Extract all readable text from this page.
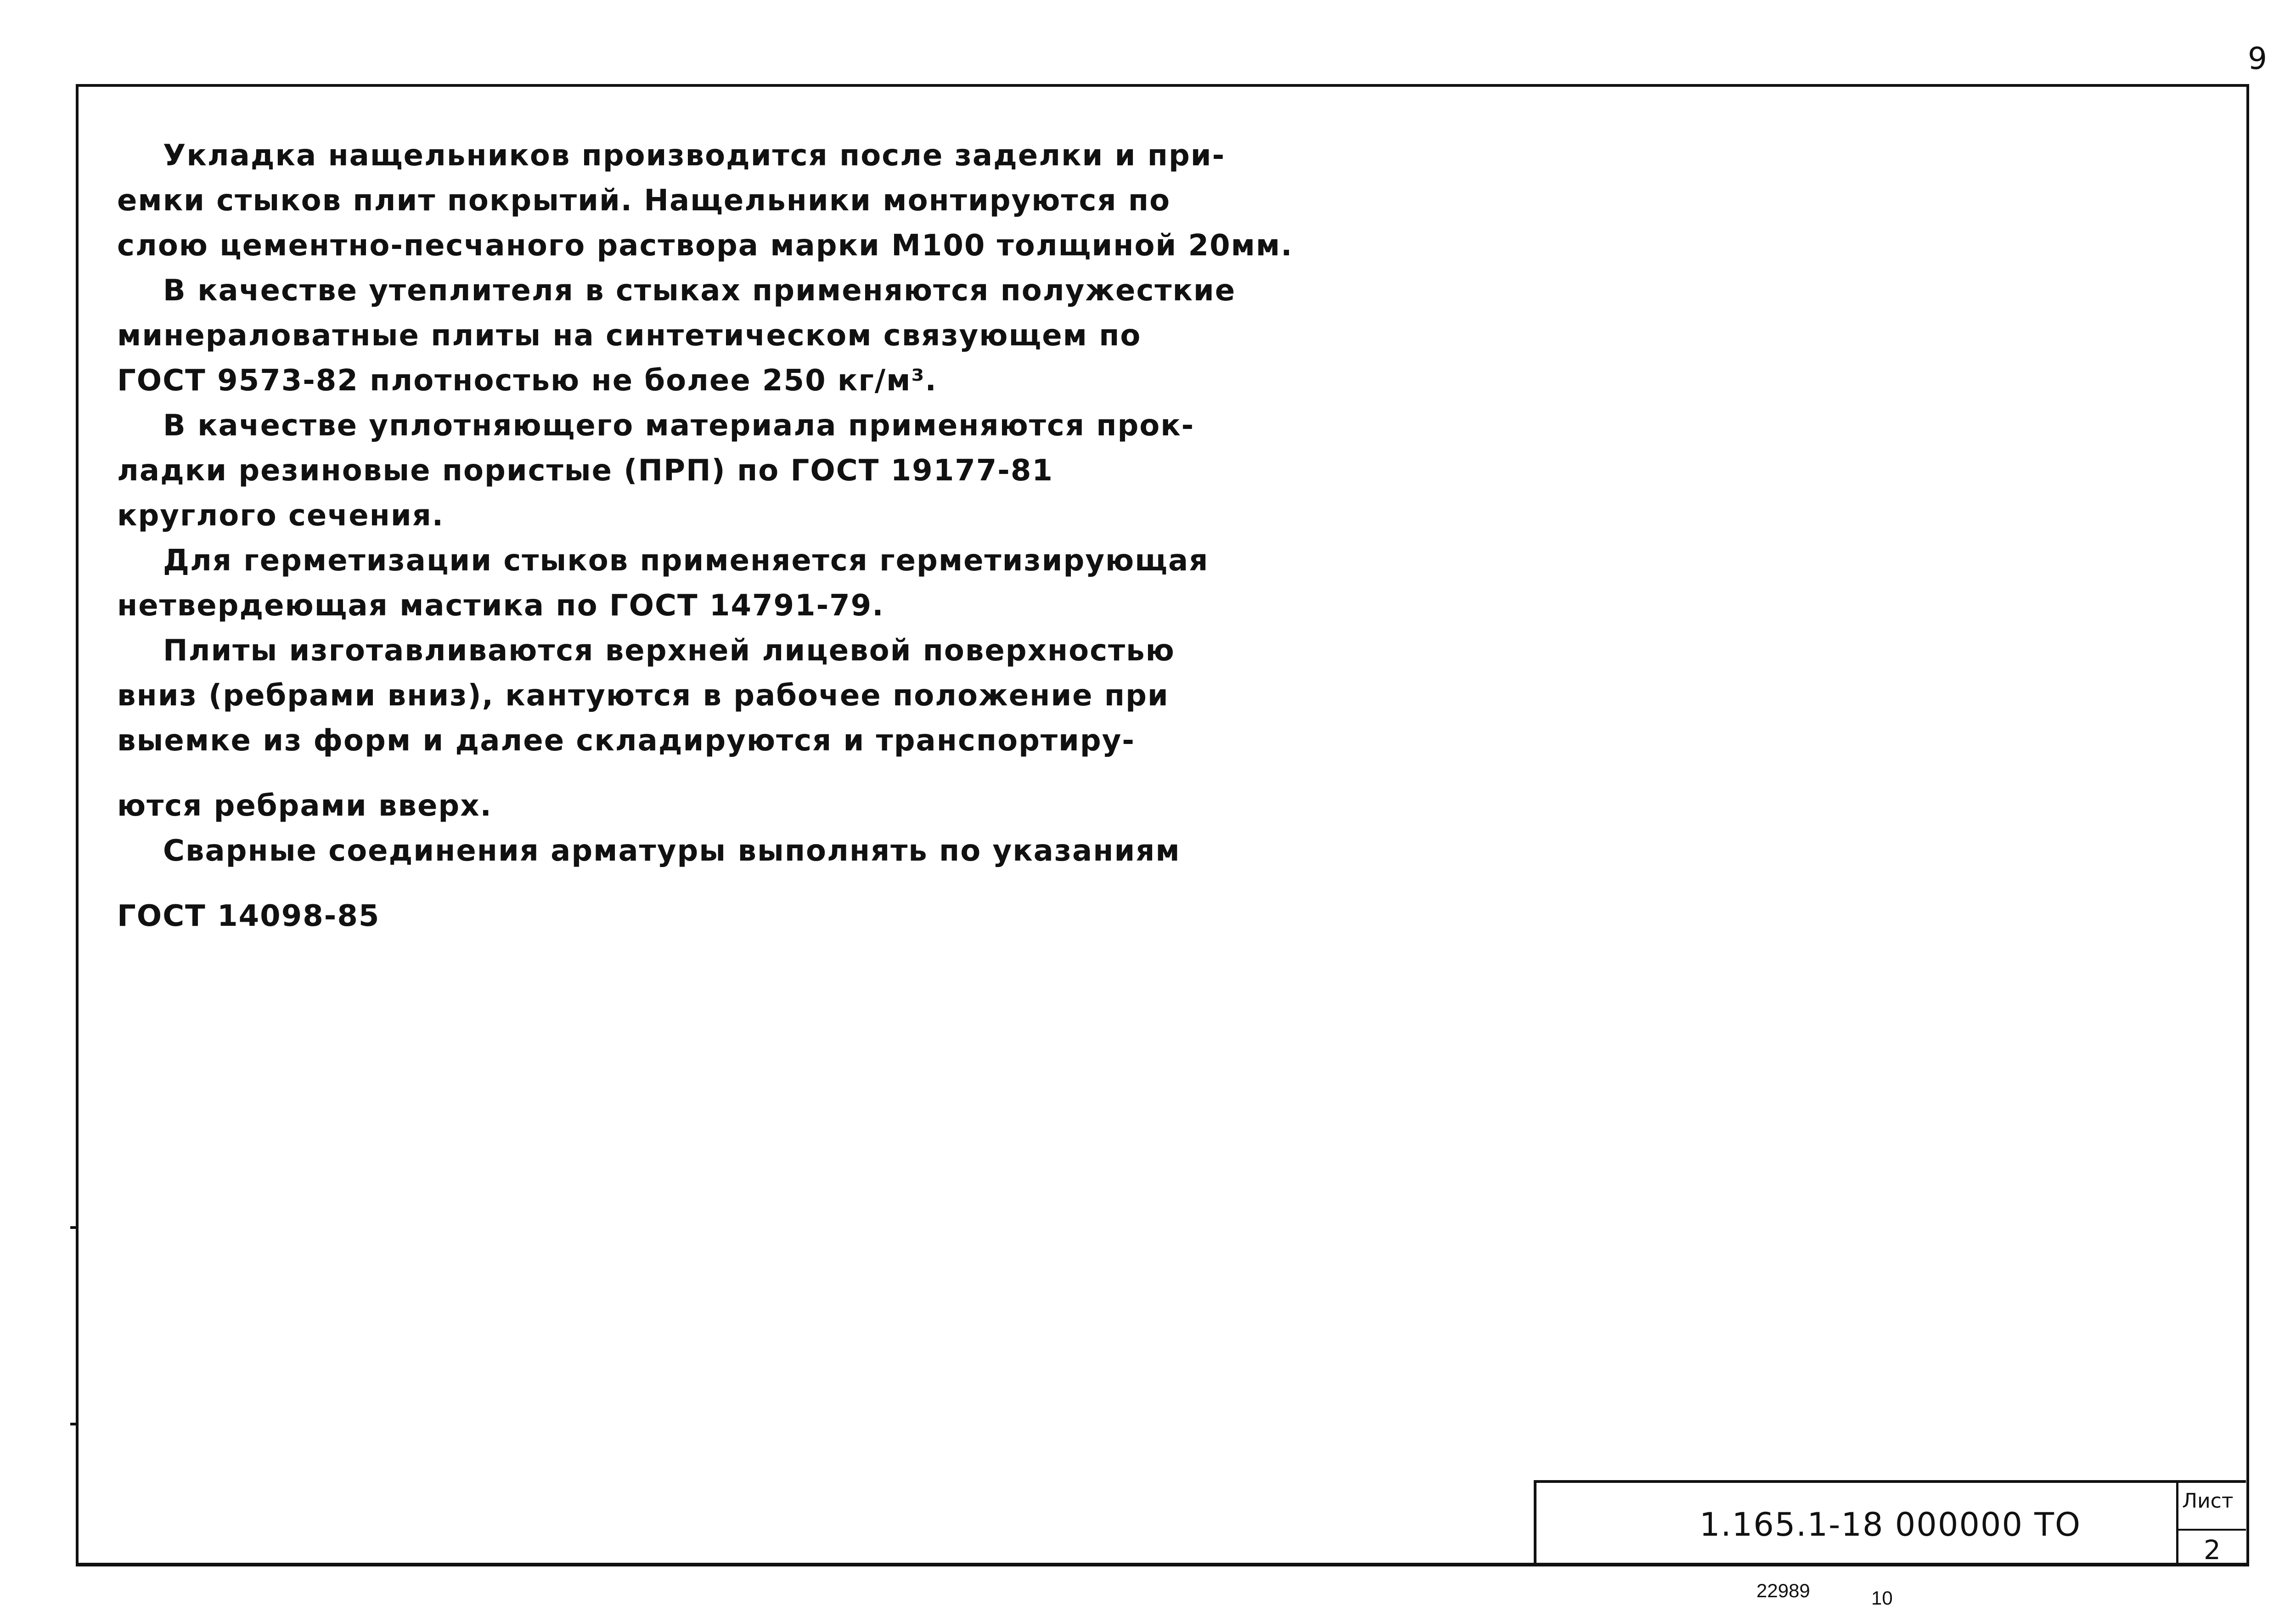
9

Укладка нащельников производится после заделки и при-
емки стыков плит покрытий. Нащельники монтируются по
слою цементно-песчаного раствора марки М100 толщиной 20мм.

В качестве утеплителя в стыках применяются полужесткие
минераловатные плиты на синтетическом связующем по
ГОСТ 9573-82 плотностью не более 250 кг/м³.

В качестве уплотняющего материала применяются прок-
ладки резиновые пористые (ПРП) по ГОСТ 19177-81
круглого сечения.

Для герметизации стыков применяется герметизирующая
нетвердеющая мастика по ГОСТ 14791-79.

Плиты изготавливаются верхней лицевой поверхностью
вниз (ребрами вниз), кантуются в рабочее положение при
выемке из форм и далее складируются и транспортиру-
ются ребрами вверх.

Сварные соединения арматуры выполнять по указаниям
ГОСТ 14098-85

1.165.1-18 000000 ТО
Лист
2
22989	10
